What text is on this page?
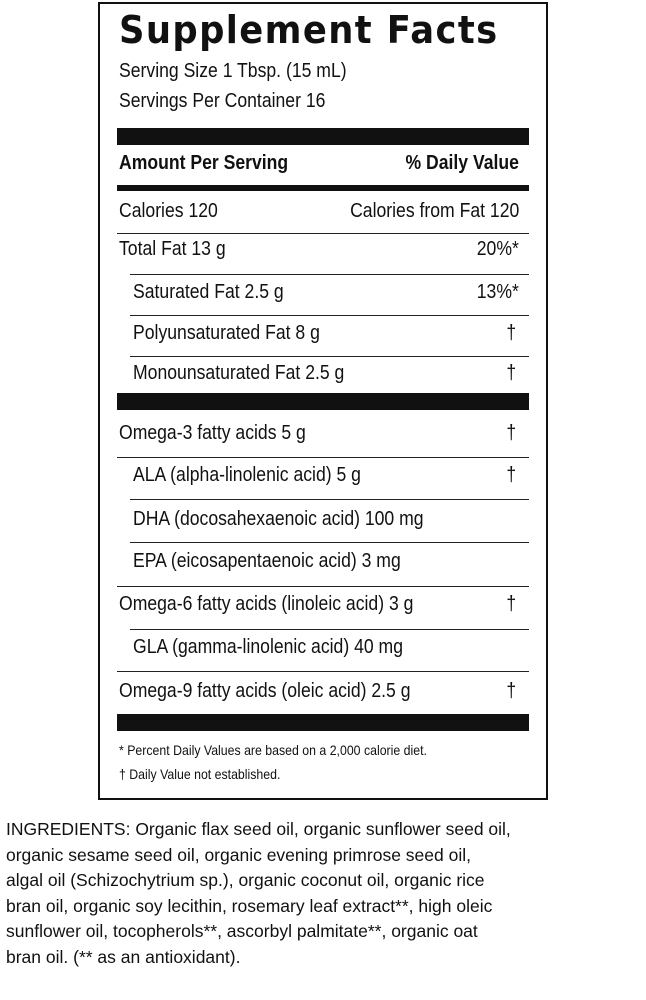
Supplement Facts
Serving Size 1 Tbsp. (15 mL)
Servings Per Container 16
Amount Per Serving	% Daily Value
Calories 120	Calories from Fat 120
Total Fat 13 g	20%*
Saturated Fat 2.5 g	13%*
Polyunsaturated Fat 8 g	†
Monounsaturated Fat 2.5 g	†
Omega-3 fatty acids 5 g	†
ALA (alpha-linolenic acid) 5 g	†
DHA (docosahexaenoic acid) 100 mg
EPA (eicosapentaenoic acid) 3 mg
Omega-6 fatty acids (linoleic acid) 3 g	†
GLA (gamma-linolenic acid) 40 mg
Omega-9 fatty acids (oleic acid) 2.5 g	†
* Percent Daily Values are based on a 2,000 calorie diet.
† Daily Value not established.
INGREDIENTS: Organic flax seed oil, organic sunflower seed oil,
organic sesame seed oil, organic evening primrose seed oil,
algal oil (Schizochytrium sp.), organic coconut oil, organic rice
bran oil, organic soy lecithin, rosemary leaf extract**, high oleic
sunflower oil, tocopherols**, ascorbyl palmitate**, organic oat
bran oil. (** as an antioxidant).
